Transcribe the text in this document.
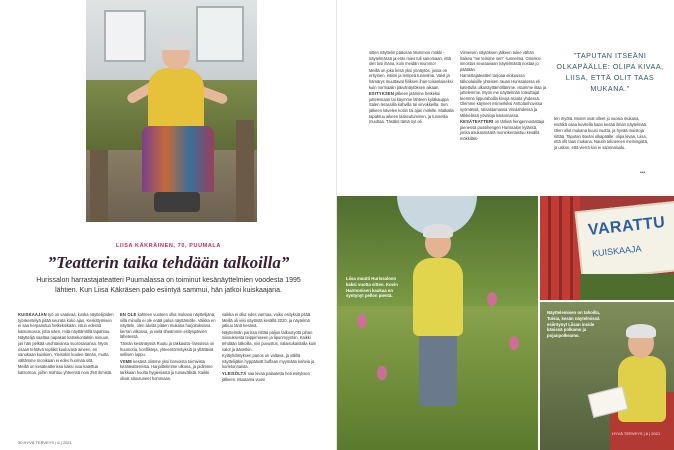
LIISA KÄKRÄINEN, 70, PUUMALA
”Teatterin taika tehdään talkoilla”
Hurissalon harrastajateatteri Puumalassa on toiminut kesänäyttelmien voodesta 1995 lähtien. Kun Liisa Käkräsen palo esiintyä sammui, hän jatkoi kuiskaajana.

KUISKAAJAN työ on vaativaa, koska näyttelijöiden työskentelyä pitää seurata koko ajan. Keskittymisen ei saa herpaantua hetkeksikään. Istun edessä katsomossa, jotta näen, mitä näyttämöllä tapahtuu.

Näyttelijä saattaa napakan katsekontaktin minuun, jos hän pelkää unohtavansa vuorosanansa. Myös osaan tehtävä repliikit kuuluvasti aineen, en sanokaan kuiskien. Yleisökin kuulee tämän, mutta vältämme monikaan ei edes huomaa sitä.

Meillä on kesäteatterissa kaksi isoa katettua katsomoa, joihin mahtuu yhteensä noin 250 ihmistä.

EN OLE kahteen vuoteen ollut mukana näyttelijänä, sillä minulla ei ole enää paloa näyttämölle. Vaikka en näyttele, olen alusta pitäen mukana harjoituksissa kerran viikossa, ja vielä tiheämmin esityspäivien lähetessä.

Tämän kesänäyssä Ruutu ja rakkautta -farssissa on huumoria, konfliktejа, yhteentörmäyksiä ja yllättäviä sellisen loppu.

VIIME kesänä olimme yksi harvoista toimivista kesäteattereista. Harjoittelimme ulkona, ja pidimme tarkkaan huolta hygieniasta ja turvavälistä. Kaikki olivat sitoutuneet hommaan,

vaikka ei ollut edes varmaa, voiko esityksiä pitää. Meillä oli viisi näytöstä kesällä 2020, ja näytelmä jatkuu tänä kesänä.

Näyttelmän parissa riittää paljon talkootyötä pihan siivouksesta teippimiseen ja lipunmyyntiin. Kaikki tehdään talkoilla, niin puvustus, valaisukaistalla kuin valot ja äänetkin.

Kyläyhdistyksen panos on valtava, ja välillä näyttelijäkin hyppäävät buffaan myymään kahvia ja korletonnaista.

YLEISÖLTÄ saa kivaa palautetta heti esityksen jälkeen. Muutama vuosi

30 HYVÄ TERVEYS | 6 | 2021

sitten näyttelin pääosan Mummon mökki -näytelmässä ja eräs mies tuli sanomaan, että olet tosi ihana, kuin meidän mummo!

Meillä on joka kesä yksi yönäytös, jossa on erityinen, intiimi ja lempeä tunnelma. Valot ja hämärys muuttavat fiiliksen ihan toisenlaiseksi kuin normaalin päivänäytöksen aikaan.

ESITYKSEN jälkeen jäämme hetkeksi juttelemaan tai käymme lähteen kyläkauppa Salen terassilla kahvilla tai virvokkeilla. Sen jälkeen kävelen kotiin tai ajan mökille. Matkalla tapahtuu aikeen laskeutuminen, ja tunnetila muuttaa. Täsäkö tämä nyt oli.

Viimeisen näytöksen jälkeen tulee vähän haikea ”me teimme sen” -tunnelma. Onneksi innostus seuraavaan näytelmästä nostaa jo päätään.

Harrastajateatteri tarjoaa elokuussa talkoolaisille yhteisen rauan Hurissalossa eli katettulla ulkonäyttämöllämme. Istumme iltaa ja juttelemme. Myös me näyttelmän toteuttajat teemme lippurahoilla kivoja asioita yhdessä. Olemme käyneet esimerkiksi Anttolanhovissa syömässä, ratsastamassa Visulahdessa ja Mikkelissä yövaloja katsomassa.

KESÄTEATTERI on tärkeä hengennostattaja pienessä pussihengen Hurissalon kylässä, jonka asukasmäärä moninkertaistuu kesällä mökkiläis-

”TAPUTAN ITSEÄNI OLKAPÄÄLLE: OLIPA KIVAA, LIISA, ETTÄ OLIT TAAS MUKANA.”

ten myötä. Monet ovat olleet jo vuosia mukana, eivätkä osaa kuvitella kaan kesää ilman näytelmää.

Olen ollut mukana kuusi vuotta, ja hyvää muistoja riittää. Taputan itseäni olkapäälle: olipa kivaa, Liisa, että olit taas mukana. Nautin teknemen meiningistä, ja uskon, että vierrä kivi ei sammaloidu.

•••
Liisa muutti Hurissaloon kaksi vuotta sitten. Kovin Harmonisen kaukaa on syntynyt pellon pientä.
VARATTU
KUISKAAJA
Näyttelemisen on tahoilla, Tuisia, kesän näytelmissä esiintynyt Liisan inside käsissä polkamo ja pojanpolkeamo.
HYVÄ TERVEYS | 6 | 2021
